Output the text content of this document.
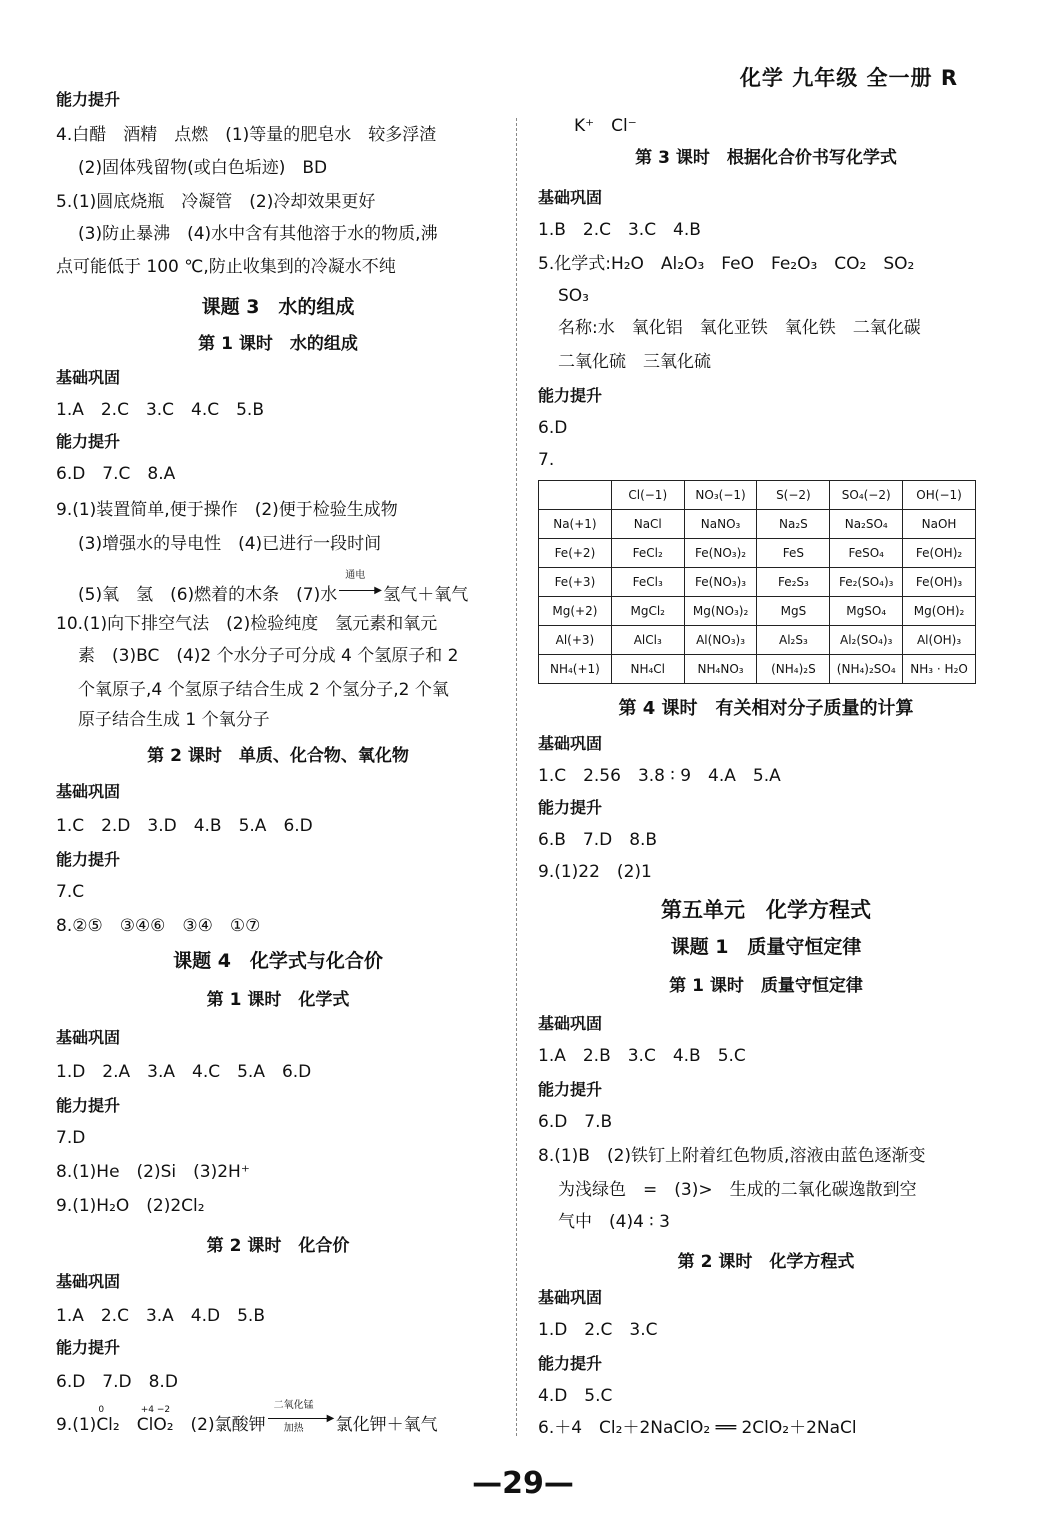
化学 九年级 全一册 R
能力提升
4.白醋　酒精　点燃　(1)等量的肥皂水　较多浮渣
(2)固体残留物(或白色垢迹)　BD
5.(1)圆底烧瓶　冷凝管　(2)冷却效果更好
(3)防止暴沸　(4)水中含有其他溶于水的物质,沸
点可能低于 100 ℃,防止收集到的冷凝水不纯
课题 3　水的组成
第 1 课时　水的组成
基础巩固
1.A　2.C　3.C　4.C　5.B
能力提升
6.D　7.C　8.A
9.(1)装置简单,便于操作　(2)便于检验生成物
(3)增强水的导电性　(4)已进行一段时间
(5)氧　氢　(6)燃着的木条　(7)水
通电
▶ 氢气＋氧气
10.(1)向下排空气法　(2)检验纯度　氢元素和氧元
素　(3)BC　(4)2 个水分子可分成 4 个氢原子和 2
个氧原子,4 个氢原子结合生成 2 个氢分子,2 个氧
原子结合生成 1 个氧分子
第 2 课时　单质、化合物、氧化物
基础巩固
1.C　2.D　3.D　4.B　5.A　6.D
能力提升
7.C
8.②⑤　③④⑥　③④　①⑦
课题 4　化学式与化合价
第 1 课时　化学式
基础巩固
1.D　2.A　3.A　4.C　5.A　6.D
能力提升
7.D
8.(1)He　(2)Si　(3)2H⁺
9.(1)H₂O　(2)2Cl₂
第 2 课时　化合价
基础巩固
1.A　2.C　3.A　4.D　5.B
能力提升
6.D　7.D　8.D
9.(1)
0
Cl₂　
+4 −2
ClO₂　(2)氯酸钾
二氧化锰
▶
加热 氯化钾＋氧气
K⁺　Cl⁻
第 3 课时　根据化合价书写化学式
基础巩固
1.B　2.C　3.C　4.B
5.化学式:H₂O　Al₂O₃　FeO　Fe₂O₃　CO₂　SO₂
SO₃
名称:水　氧化铝　氧化亚铁　氧化铁　二氧化碳
二氧化硫　三氧化硫
能力提升
6.D
7.
	Cl(−1)	NO₃(−1)	S(−2)	SO₄(−2)	OH(−1)
Na(+1)	NaCl	NaNO₃	Na₂S	Na₂SO₄	NaOH
Fe(+2)	FeCl₂	Fe(NO₃)₂	FeS	FeSO₄	Fe(OH)₂
Fe(+3)	FeCl₃	Fe(NO₃)₃	Fe₂S₃	Fe₂(SO₄)₃	Fe(OH)₃
Mg(+2)	MgCl₂	Mg(NO₃)₂	MgS	MgSO₄	Mg(OH)₂
Al(+3)	AlCl₃	Al(NO₃)₃	Al₂S₃	Al₂(SO₄)₃	Al(OH)₃
NH₄(+1)	NH₄Cl	NH₄NO₃	(NH₄)₂S	(NH₄)₂SO₄	NH₃ · H₂O
第 4 课时　有关相对分子质量的计算
基础巩固
1.C　2.56　3.8 ∶ 9　4.A　5.A
能力提升
6.B　7.D　8.B
9.(1)22　(2)1
第五单元　化学方程式
课题 1　质量守恒定律
第 1 课时　质量守恒定律
基础巩固
1.A　2.B　3.C　4.B　5.C
能力提升
6.D　7.B
8.(1)B　(2)铁钉上附着红色物质,溶液由蓝色逐渐变
为浅绿色　=　(3)>　生成的二氧化碳逸散到空
气中　(4)4 ∶ 3
第 2 课时　化学方程式
基础巩固
1.D　2.C　3.C
能力提升
4.D　5.C
6.＋4　Cl₂＋2NaClO₂ ══ 2ClO₂＋2NaCl
—29—
